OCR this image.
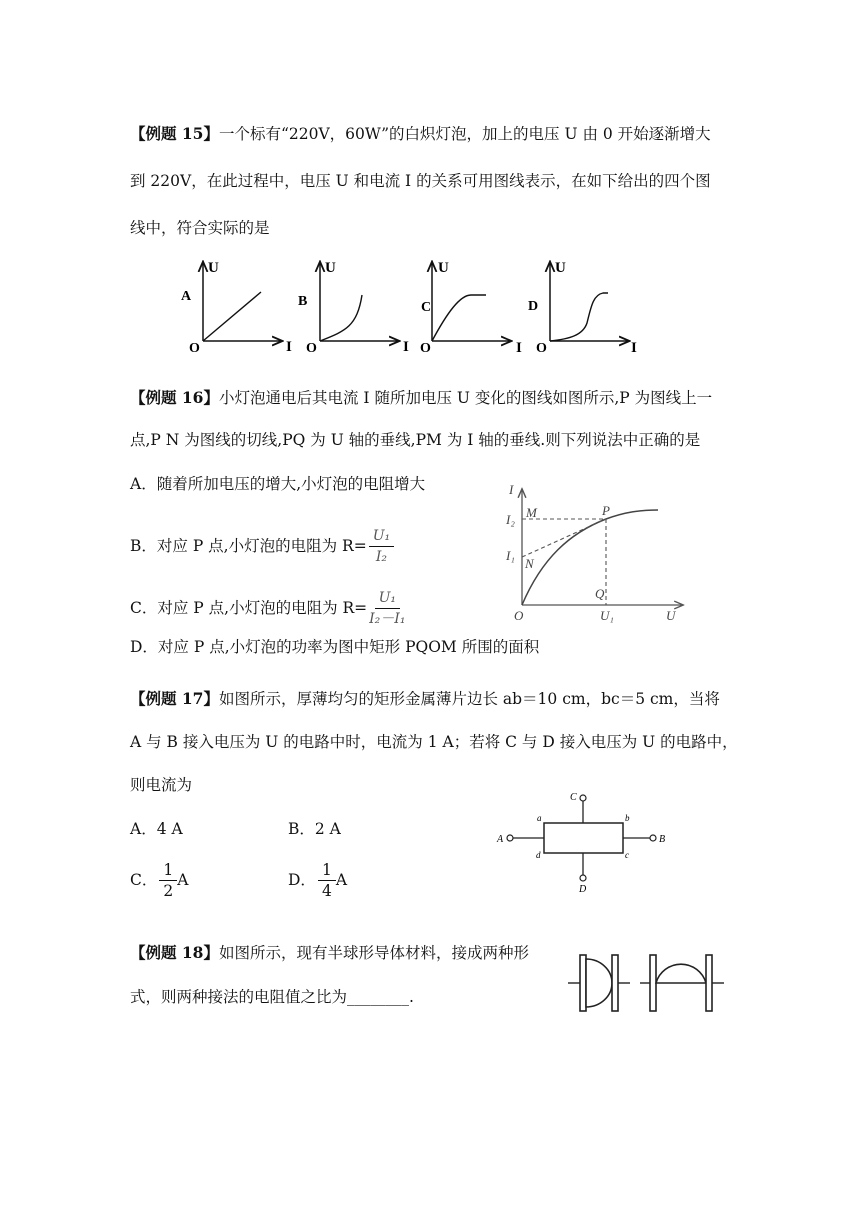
【例题 15】一个标有“220V，60W”的白炽灯泡，加上的电压 U 由 0 开始逐渐增大
到 220V，在此过程中，电压 U 和电流 I 的关系可用图线表示，在如下给出的四个图
线中，符合实际的是
A
U
I
O
B
U
I
O
C
U
I
O
D
U
I
O
【例题 16】小灯泡通电后其电流 I 随所加电压 U 变化的图线如图所示,P 为图线上一
点,P N 为图线的切线,PQ 为 U 轴的垂线,PM 为 I 轴的垂线.则下列说法中正确的是
A．随着所加电压的增大,小灯泡的电阻增大
B．对应 P 点,小灯泡的电阻为 $R= \frac{\text{U₁}}{\text{I₂}}$
C．对应 P 点,小灯泡的电阻为 $R= \frac{\text{U₁}}{\text{I₂－I₁}}$
D．对应 P 点,小灯泡的功率为图中矩形 PQOM 所围的面积
I
U
O
I₂
I₁
M
N
P
Q
U₁
【例题 17】如图所示，厚薄均匀的矩形金属薄片边长 ab＝10 cm，bc＝5 cm，当将
A 与 B 接入电压为 U 的电路中时，电流为 1 A；若将 C 与 D 接入电压为 U 的电路中，
则电流为
A．4 A	B．2 A
C． $\frac{1}{2}$ A	D． $\frac{1}{4}$ A
A	B
C
D
a	b
c
d
【例题 18】如图所示，现有半球形导体材料，接成两种形
式，则两种接法的电阻值之比为________.
